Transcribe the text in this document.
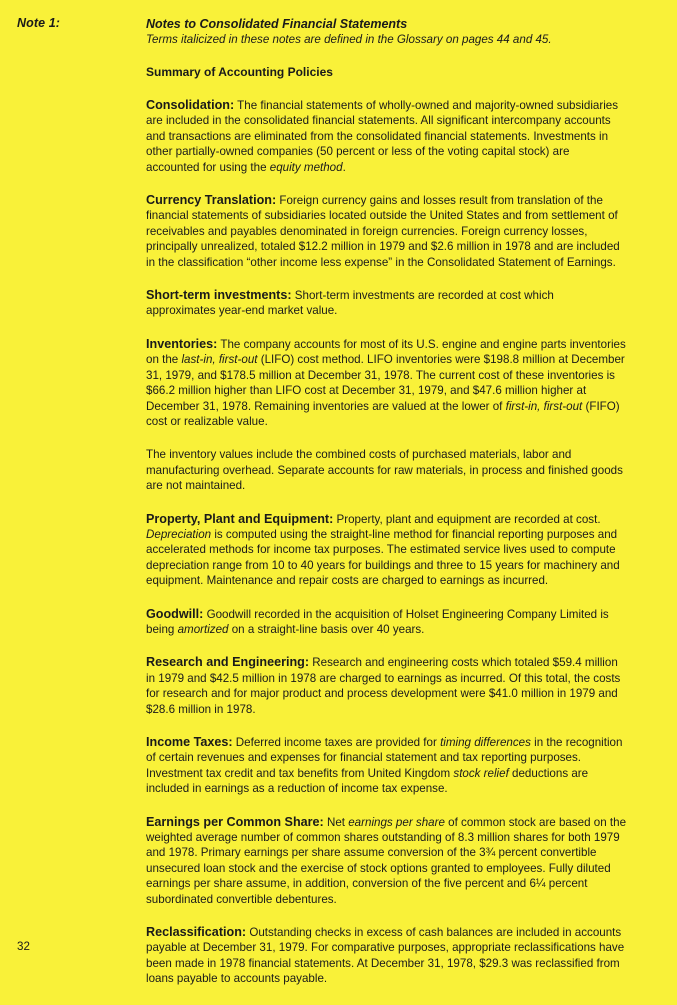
Note 1:	Notes to Consolidated Financial Statements
Terms italicized in these notes are defined in the Glossary on pages 44 and 45.
Summary of Accounting Policies

Consolidation: The financial statements of wholly-owned and majority-owned subsidiaries are included in the consolidated financial statements. All significant intercompany accounts and transactions are eliminated from the consolidated financial statements. Investments in other partially-owned companies (50 percent or less of the voting capital stock) are accounted for using the equity method.

Currency Translation: Foreign currency gains and losses result from translation of the financial statements of subsidiaries located outside the United States and from settlement of receivables and payables denominated in foreign currencies. Foreign currency losses, principally unrealized, totaled $12.2 million in 1979 and $2.6 million in 1978 and are included in the classification “other income less expense” in the Consolidated Statement of Earnings.

Short-term investments: Short-term investments are recorded at cost which approximates year-end market value.

Inventories: The company accounts for most of its U.S. engine and engine parts inventories on the last-in, first-out (LIFO) cost method. LIFO inventories were $198.8 million at December 31, 1979, and $178.5 million at December 31, 1978. The current cost of these inventories is $66.2 million higher than LIFO cost at December 31, 1979, and $47.6 million higher at December 31, 1978. Remaining inventories are valued at the lower of first-in, first-out (FIFO) cost or realizable value.

The inventory values include the combined costs of purchased materials, labor and manufacturing overhead. Separate accounts for raw materials, in process and finished goods are not maintained.

Property, Plant and Equipment: Property, plant and equipment are recorded at cost. Depreciation is computed using the straight-line method for financial reporting purposes and accelerated methods for income tax purposes. The estimated service lives used to compute depreciation range from 10 to 40 years for buildings and three to 15 years for machinery and equipment. Maintenance and repair costs are charged to earnings as incurred.

Goodwill: Goodwill recorded in the acquisition of Holset Engineering Company Limited is being amortized on a straight-line basis over 40 years.

Research and Engineering: Research and engineering costs which totaled $59.4 million in 1979 and $42.5 million in 1978 are charged to earnings as incurred. Of this total, the costs for research and for major product and process development were $41.0 million in 1979 and $28.6 million in 1978.

Income Taxes: Deferred income taxes are provided for timing differences in the recognition of certain revenues and expenses for financial statement and tax reporting purposes. Investment tax credit and tax benefits from United Kingdom stock relief deductions are included in earnings as a reduction of income tax expense.

Earnings per Common Share: Net earnings per share of common stock are based on the weighted average number of common shares outstanding of 8.3 million shares for both 1979 and 1978. Primary earnings per share assume conversion of the 3¾ percent convertible unsecured loan stock and the exercise of stock options granted to employees. Fully diluted earnings per share assume, in addition, conversion of the five percent and 6¼ percent subordinated convertible debentures.

Reclassification: Outstanding checks in excess of cash balances are included in accounts payable at December 31, 1979. For comparative purposes, appropriate reclassifications have been made in 1978 financial statements. At December 31, 1978, $29.3 was reclassified from loans payable to accounts payable.

32
